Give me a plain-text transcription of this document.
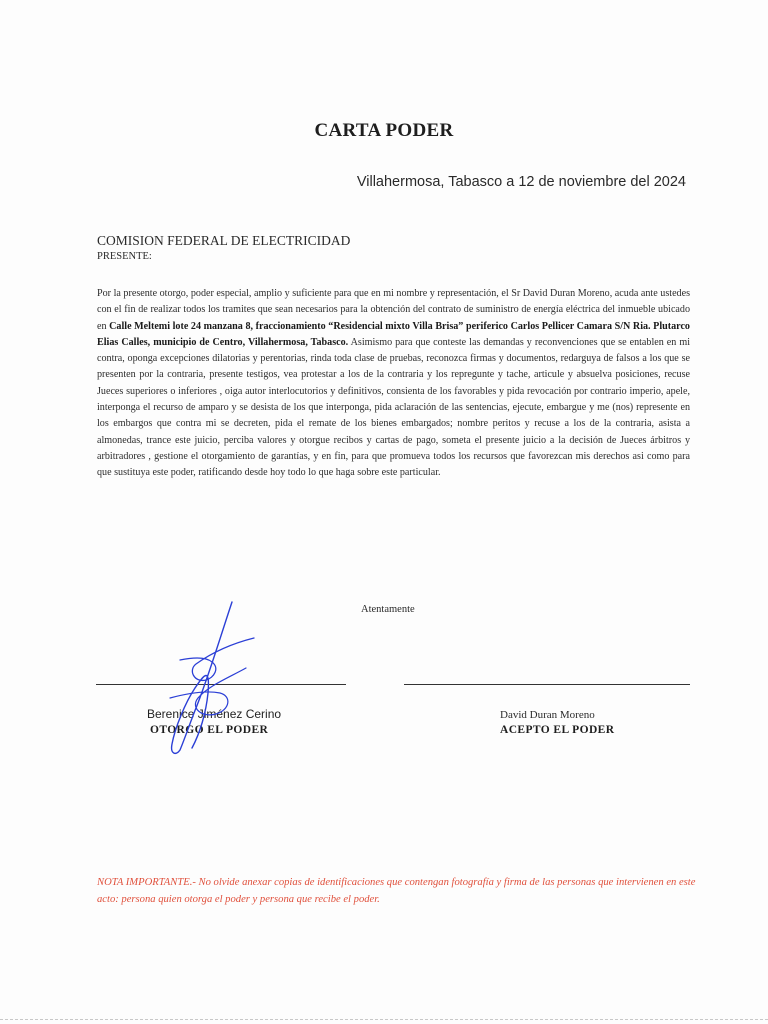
CARTA PODER
Villahermosa, Tabasco a 12 de noviembre del 2024
COMISION FEDERAL DE ELECTRICIDAD
PRESENTE:
Por la presente otorgo, poder especial, amplio y suficiente para que en mi nombre y representación, el Sr David Duran Moreno, acuda ante ustedes con el fin de realizar todos los tramites que sean necesarios para la obtención del contrato de suministro de energía eléctrica del inmueble ubicado en Calle Meltemi lote 24 manzana 8, fraccionamiento “Residencial mixto Villa Brisa” periferico Carlos Pellicer Camara S/N Ria. Plutarco Elias Calles, municipio de Centro, Villahermosa, Tabasco. Asimismo para que conteste las demandas y reconvenciones que se entablen en mi contra, oponga excepciones dilatorias y perentorias, rinda toda clase de pruebas, reconozca firmas y documentos, redarguya de falsos a los que se presenten por la contraria, presente testigos, vea protestar a los de la contraria y los repregunte y tache, articule y absuelva posiciones, recuse Jueces superiores o inferiores , oiga autor interlocutorios y definitivos, consienta de los favorables y pida revocación por contrario imperio, apele, interponga el recurso de amparo y se desista de los que interponga, pida aclaración de las sentencias, ejecute, embargue y me (nos) represente en los embargos que contra mi se decreten, pida el remate de los bienes embargados; nombre peritos y recuse a los de la contraria, asista a almonedas, trance este juicio, perciba valores y otorgue recibos y cartas de pago, someta el presente juicio a la decisión de Jueces árbitros y arbitradores , gestione el otorgamiento de garantías, y en fin, para que promueva todos los recursos que favorezcan mis derechos asi como para que sustituya este poder, ratificando desde hoy todo lo que haga sobre este particular.
Atentamente
Berenice Jiménez Cerino
OTORGO EL PODER
David Duran Moreno
ACEPTO EL PODER
NOTA IMPORTANTE.- No olvide anexar copias de identificaciones que contengan fotografía y firma de las personas que intervienen en este acto: persona quien otorga el poder y persona que recibe el poder.
